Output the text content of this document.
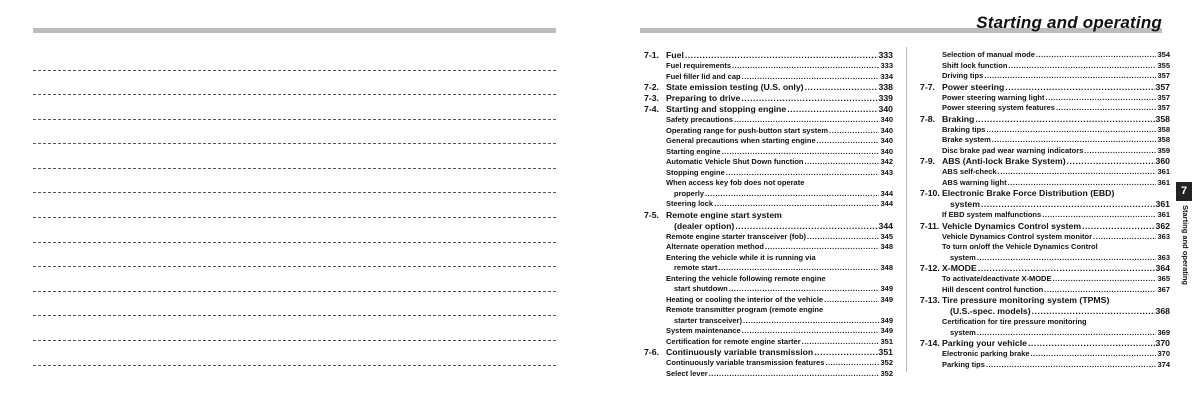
Starting and operating
7-1. Fuel .....	333
Fuel requirements .....	333
Fuel filler lid and cap .....	334
7-2. State emission testing (U.S. only) .....	338
7-3. Preparing to drive .....	339
7-4. Starting and stopping engine .....	340
Safety precautions .....	340
Operating range for push-button start system .....	340
General precautions when starting engine .....	340
Starting engine .....	340
Automatic Vehicle Shut Down function .....	342
Stopping engine .....	343
When access key fob does not operate
properly .....	344
Steering lock .....	344
7-5. Remote engine start system
(dealer option) .....	344
Remote engine starter transceiver (fob) .....	345
Alternate operation method .....	348
Entering the vehicle while it is running via
remote start .....	348
Entering the vehicle following remote engine
start shutdown .....	349
Heating or cooling the interior of the vehicle .....	349
Remote transmitter program (remote engine
starter transceiver) .....	349
System maintenance .....	349
Certification for remote engine starter .....	351
7-6. Continuously variable transmission .....	351
Continuously variable transmission features .....	352
Select lever .....	352
Selection of manual mode .....	354
Shift lock function .....	355
Driving tips .....	357
7-7. Power steering .....	357
Power steering warning light .....	357
Power steering system features .....	357
7-8. Braking .....	358
Braking tips .....	358
Brake system .....	358
Disc brake pad wear warning indicators .....	359
7-9. ABS (Anti-lock Brake System) .....	360
ABS self-check .....	361
ABS warning light .....	361
7-10. Electronic Brake Force Distribution (EBD)
system .....	361
If EBD system malfunctions .....	361
7-11. Vehicle Dynamics Control system .....	362
Vehicle Dynamics Control system monitor .....	363
To turn on/off the Vehicle Dynamics Control
system .....	363
7-12. X-MODE .....	364
To activate/deactivate X-MODE .....	365
Hill descent control function .....	367
7-13. Tire pressure monitoring system (TPMS)
(U.S.-spec. models) .....	368
Certification for tire pressure monitoring
system .....	369
7-14. Parking your vehicle .....	370
Electronic parking brake .....	370
Parking tips .....	374
7
Starting and operating
